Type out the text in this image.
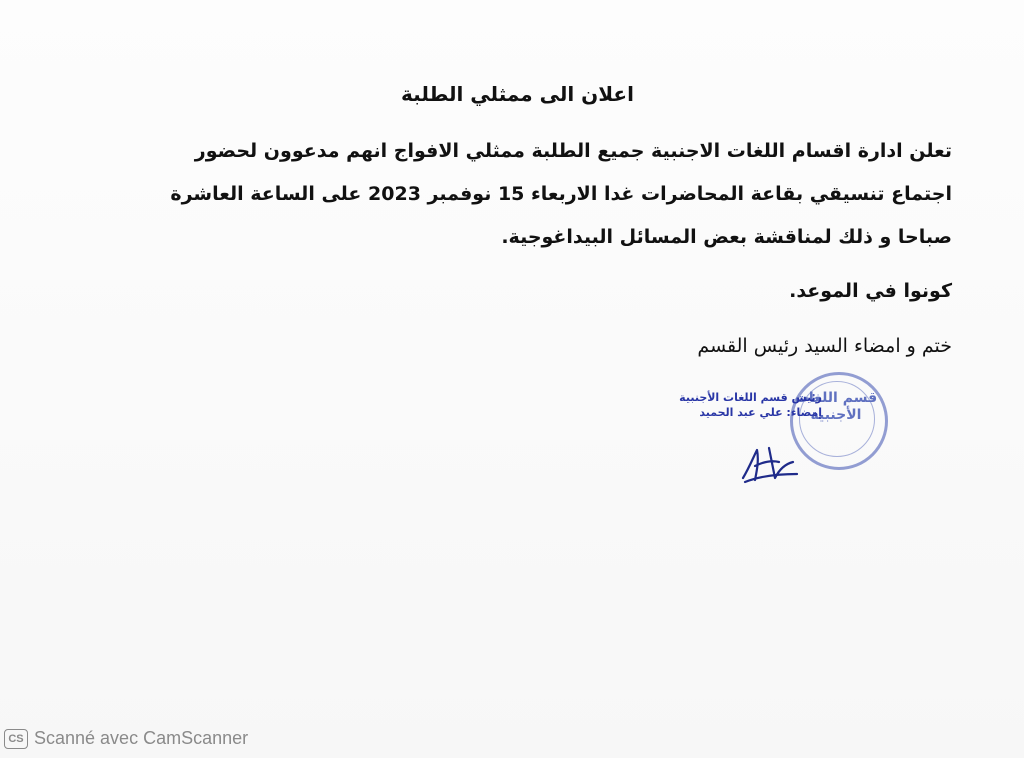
اعلان الى ممثلي الطلبة
تعلن ادارة اقسام اللغات الاجنبية جميع الطلبة ممثلي الافواج انهم مدعوون لحضور
اجتماع تنسيقي بقاعة المحاضرات غدا الاربعاء 15 نوفمبر 2023 على الساعة العاشرة
صباحا و ذلك لمناقشة بعض المسائل البيداغوجية.
كونوا في الموعد.
ختم و امضاء السيد رئيس القسم
قسم اللغات
الأجنبية
رئيس قسم اللغات الأجنبية
إمضاء: علي عبد الحميد
CS Scanné avec CamScanner
